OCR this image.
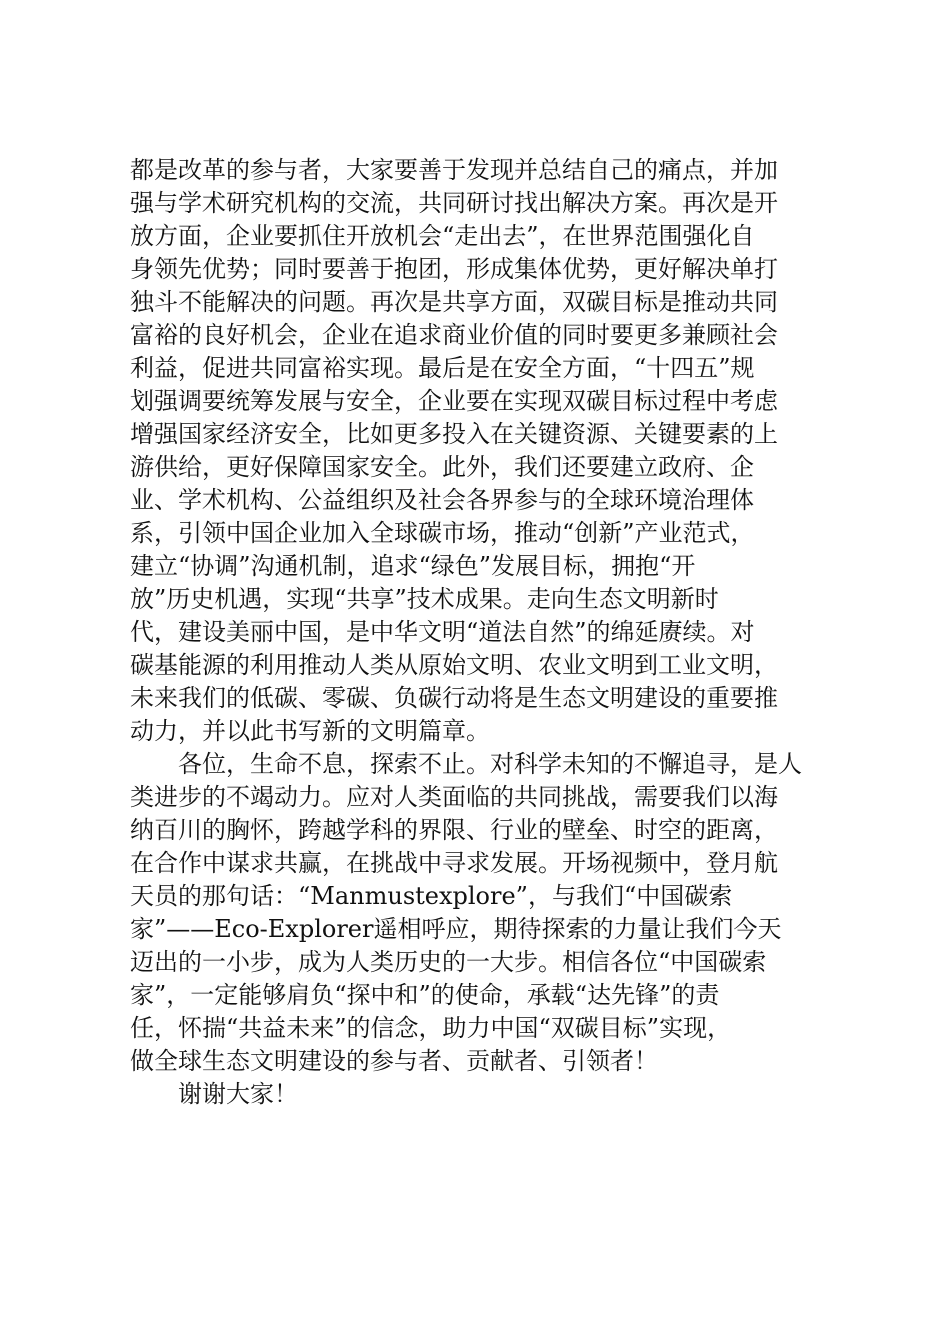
都是改革的参与者，大家要善于发现并总结自己的痛点，并加
强与学术研究机构的交流，共同研讨找出解决方案。再次是开
放方面，企业要抓住开放机会“走出去”，在世界范围强化自
身领先优势；同时要善于抱团，形成集体优势，更好解决单打
独斗不能解决的问题。再次是共享方面，双碳目标是推动共同
富裕的良好机会，企业在追求商业价值的同时要更多兼顾社会
利益，促进共同富裕实现。最后是在安全方面，“十四五”规
划强调要统筹发展与安全，企业要在实现双碳目标过程中考虑
增强国家经济安全，比如更多投入在关键资源、关键要素的上
游供给，更好保障国家安全。此外，我们还要建立政府、企
业、学术机构、公益组织及社会各界参与的全球环境治理体
系，引领中国企业加入全球碳市场，推动“创新”产业范式，
建立“协调”沟通机制，追求“绿色”发展目标，拥抱“开
放”历史机遇，实现“共享”技术成果。走向生态文明新时
代，建设美丽中国，是中华文明“道法自然”的绵延赓续。对
碳基能源的利用推动人类从原始文明、农业文明到工业文明，
未来我们的低碳、零碳、负碳行动将是生态文明建设的重要推
动力，并以此书写新的文明篇章。
　　各位，生命不息，探索不止。对科学未知的不懈追寻，是人
类进步的不竭动力。应对人类面临的共同挑战，需要我们以海
纳百川的胸怀，跨越学科的界限、行业的壁垒、时空的距离，
在合作中谋求共赢，在挑战中寻求发展。开场视频中，登月航
天员的那句话：“Manmustexplore”，与我们“中国碳索
家”——Eco-Explorer遥相呼应，期待探索的力量让我们今天
迈出的一小步，成为人类历史的一大步。相信各位“中国碳索
家”，一定能够肩负“探中和”的使命，承载“达先锋”的责
任，怀揣“共益未来”的信念，助力中国“双碳目标”实现，
做全球生态文明建设的参与者、贡献者、引领者！
　　谢谢大家！
